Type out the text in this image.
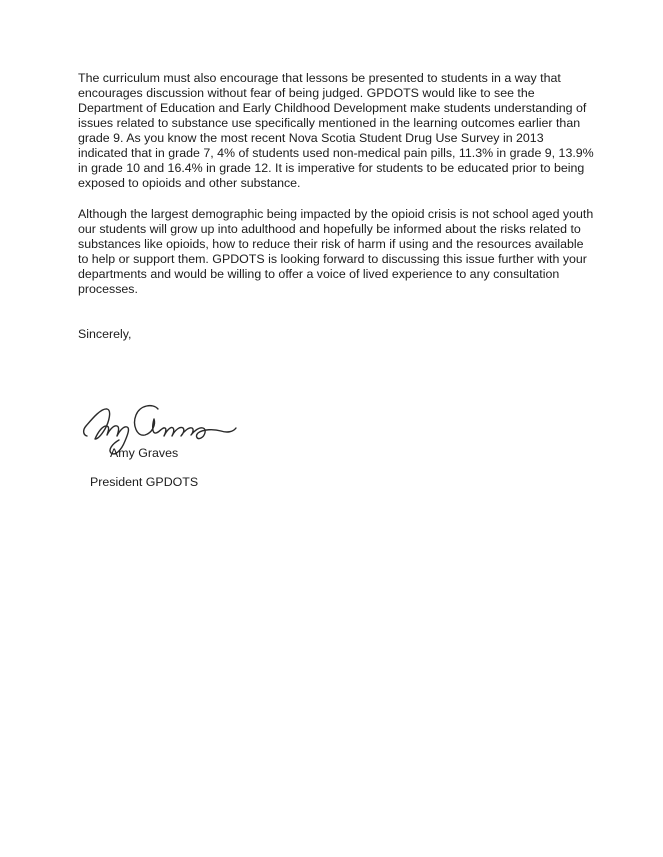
The curriculum must also encourage that lessons be presented to students in a way that encourages discussion without fear of being judged. GPDOTS would like to see the Department of Education and Early Childhood Development make students understanding of issues related to substance use specifically mentioned in the learning outcomes earlier than grade 9. As you know the most recent Nova Scotia Student Drug Use Survey in 2013 indicated that in grade 7, 4% of students used non-medical pain pills, 11.3% in grade 9, 13.9% in grade 10 and 16.4% in grade 12. It is imperative for students to be educated prior to being exposed to opioids and other substance.

Although the largest demographic being impacted by the opioid crisis is not school aged youth our students will grow up into adulthood and hopefully be informed about the risks related to substances like opioids, how to reduce their risk of harm if using and the resources available to help or support them. GPDOTS is looking forward to discussing this issue further with your departments and would be willing to offer a voice of lived experience to any consultation processes.

Sincerely,
Amy Graves
President GPDOTS
